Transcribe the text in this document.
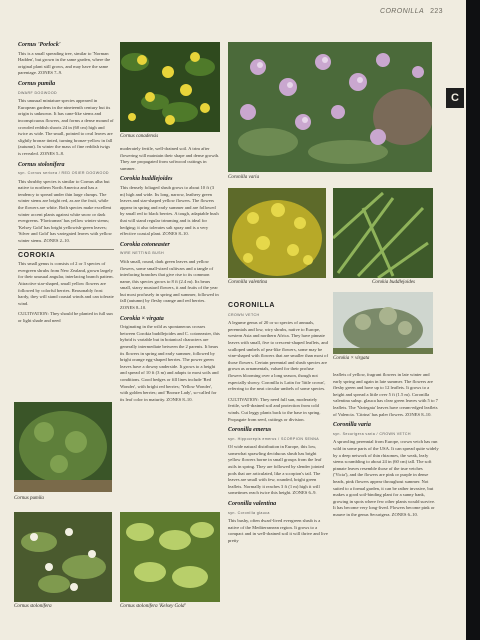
CORONILLA 223
C
Cornus 'Porlock'
This is a small spreading tree, similar to 'Norman Hadden', but grown in the same garden, where the original plant still grows, and may have the same parentage. ZONES 7–9.
Cornus pumila
DWARF DOGWOOD
This unusual miniature species appeared in European gardens in the nineteenth century but its origin is unknown. It has cane-like stems and inconspicuous flowers, and forms a dense mound of crowded reddish shoots 24 in (60 cm) high and twice as wide. The small, pointed to oval leaves are slightly bronze tinted, turning bronze-yellow in fall (autumn). In winter the mass of fine reddish twigs is revealed. ZONES 5–8.
Cornus stolonifera
syn. Cornus sericea / RED OSIER DOGWOOD
This shrubby species is similar to Cornus alba but native to northern North America and has a tendency to spread under thin large clumps. The winter stems are bright red, as are the fruit, while the flowers are white. Both species make excellent winter accent plants against white snow or dark evergreens. 'Flaviramea' has yellow winter stems; 'Kelsey Gold' has bright yellowish-green leaves; 'Silver and Gold' has variegated leaves with yellow winter stems. ZONES 2–10.
COROKIA
This small genus is consists of 2 or 3 species of evergreen shrubs from New Zealand, grown largely for their unusual angular, interlacing branch pattern. Attractive star-shaped, small yellow flowers are followed by colorful berries. Reasonably frost hardy, they will stand coastal winds and can tolerate wind.
CULTIVATION: They should be planted in full sun or light shade and need
moderately fertile, well-drained soil. A trim after flowering will maintain their shape and dense growth. They are propagated from softwood cuttings in summer.
Corokia buddlejoides
This densely foliaged shrub grows to about 10 ft (3 m) high and wide. Its long, narrow, leathery green leaves and star-shaped yellow flowers. The flowers appear in spring and early summer and are followed by small red to black berries. A tough, adaptable bush that will stand regular trimming and is ideal for hedging; it also tolerates salt spray and is a very effective coastal plant. ZONES 8–10.
Corokia cotoneaster
WIRE NETTING BUSH
With small, round, dark green leaves and yellow flowers, some small-sized cultivars and a tangle of interlacing branches that give rise to its common name, this species grows to 8 ft (2.4 m). Its bears small, starry mustard flowers, it and fruits of the year but most profusely in spring and summer, followed in fall (autumn) by fleshy orange and red berries. ZONES 8–10.
Corokia × virgata
Originating in the wild as spontaneous crosses between Corokia buddlejoides and C. cotoneaster, this hybrid is variable but in botanical characters are generally intermediate between the 2 parents. It bears its flowers in spring and early summer, followed by bright orange egg-shaped berries. The power green leaves have a downy underside. It grows to a height and spread of 10 ft (3 m) and adapts to most soils and conditions. Good hedges or fill lines include 'Red Wonder', with bright red berries; 'Yellow Wonder', with golden berries; and 'Bronze Lady', so-called for its leaf color in maturity. ZONES 8–10.
CORONILLA
CROWN VETCH
A legume genus of 20 or so species of annuals, perennials and low, wiry shrubs, native to Europe, western Asia and northern Africa. They have pinnate leaves with small, five to crescent-shaped leaflets, and scalloped umbels of pea-like flowers, some may be vine-shaped with flowers that are smaller than most of those flowers. Certain perennial and shrub species are grown as ornamentals, valued for their profuse flowers blooming over a long season, though not especially showy. Coronilla is Latin for 'little crown', referring to the neat circular umbels of some species.
CULTIVATION: They need full sun, moderately fertile, well-drained soil and protection from cold winds. Cut leggy plants back to the base in spring. Propagate from seed, cuttings or division.
Coronilla emerus
syn. Hippocrepis emerus / SCORPION SENNA
Of wide natural distribution in Europe, this low, somewhat sprawling deciduous shrub has bright yellow flowers borne in small groups from the leaf axils in spring. They are followed by slender jointed pods that are articulated, like a scorpion's tail. The leaves are small with few, rounded, bright green leaflets. Normally it reaches 3 ft (1 m) high it will sometimes reach twice this height. ZONES 6–9.
Coronilla valentina
syn. Coronilla glauca
This bushy, often dwarf-lived evergreen shrub is a native of the Mediterranean region. It grows to a compact and in well-drained soil it will thrive and live pretty
leaflets of yellow, fragrant flowers in late winter and early spring and again in late summer. The flowers are fleshy green and have up to 12 leaflets. It grows to a height and spread a little over 5 ft (1.5 m). Coronilla valentina subsp. glauca has clear green leaves with 5 to 7 leaflets. The 'Variegata' leaves have cream-edged leaflets of Valencia. 'Citrina' has paler flowers. ZONES 8–10.
Coronilla varia
syn. Securigera varia / CROWN VETCH
A sprawling perennial from Europe, crown vetch has run wild in some parts of the USA. It can spread quite widely by a deep network of thin rhizomes, the weak, leafy stems scrambling to about 24 in (60 cm) tall. The soft pinnate leaves resemble those of the true vetches ('Vicia'), and the flowers are pink or purple in dense heads, pink flowers appear throughout summer. Not suited to a formal garden, it can be rather invasive, but makes a good soil-binding plant for a sunny bank, growing in spots where few other plants would survive. It has become very long-lived. Flowers become pink or mauve in the genus Securigera. ZONES 6–10.
Cornus canadensis
Coronilla varia
Coronilla valentina	Corokia buddlejoides
Corokia × virgata
Cornus pumila
Cornus stolonifera	Cornus stolonifera 'Kelsey Gold'
